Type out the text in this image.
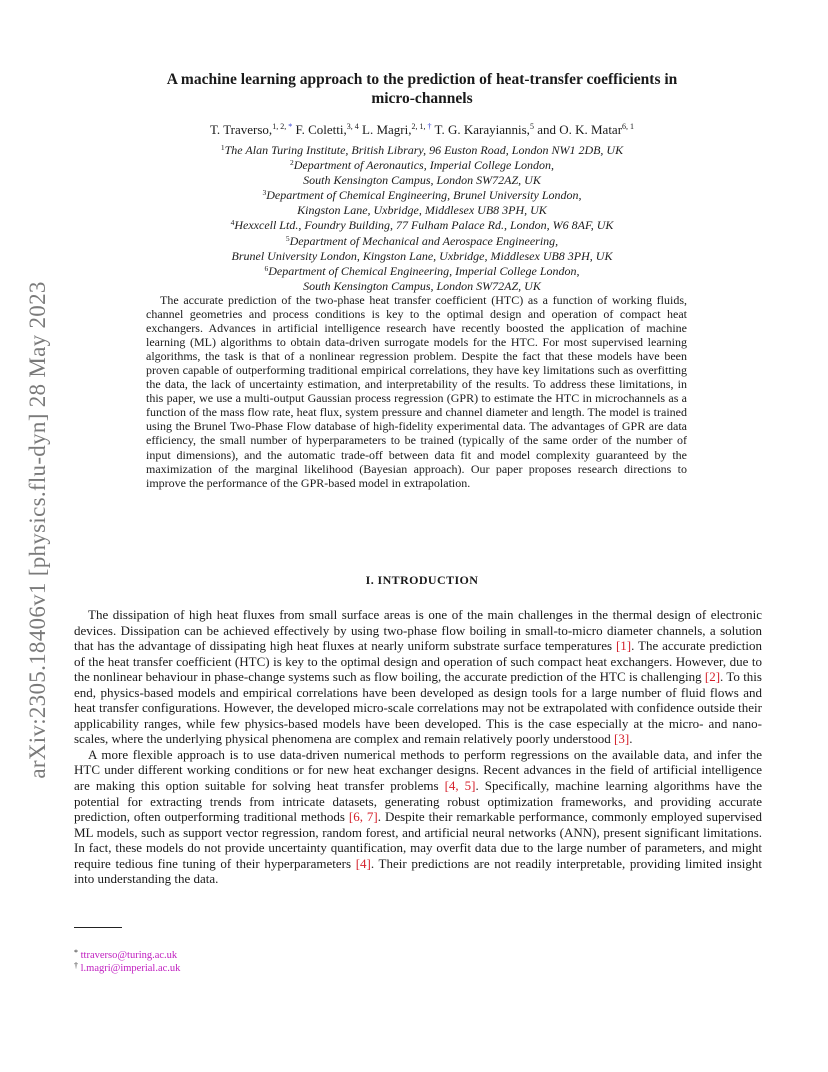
arXiv:2305.18406v1 [physics.flu-dyn] 28 May 2023
A machine learning approach to the prediction of heat-transfer coefficients in
micro-channels
T. Traverso,$^{1, 2, *}$ F. Coletti,$^{3, 4}$ L. Magri,$^{2, 1, \dagger}$ T. G. Karayiannis,$^5$ and O. K. Matar$^{6, 1}$
$^1$The Alan Turing Institute, British Library, 96 Euston Road, London NW1 2DB, UK
$^2$Department of Aeronautics, Imperial College London,
South Kensington Campus, London SW72AZ, UK
$^3$Department of Chemical Engineering, Brunel University London,
Kingston Lane, Uxbridge, Middlesex UB8 3PH, UK
$^4$Hexxcell Ltd., Foundry Building, 77 Fulham Palace Rd., London, W6 8AF, UK
$^5$Department of Mechanical and Aerospace Engineering,
Brunel University London, Kingston Lane, Uxbridge, Middlesex UB8 3PH, UK
$^6$Department of Chemical Engineering, Imperial College London,
South Kensington Campus, London SW72AZ, UK

The accurate prediction of the two-phase heat transfer coefficient (HTC) as a function of working fluids, channel geometries and process conditions is key to the optimal design and operation of compact heat exchangers. Advances in artificial intelligence research have recently boosted the application of machine learning (ML) algorithms to obtain data-driven surrogate models for the HTC. For most supervised learning algorithms, the task is that of a nonlinear regression problem. Despite the fact that these models have been proven capable of outperforming traditional empirical correlations, they have key limitations such as overfitting the data, the lack of uncertainty estimation, and interpretability of the results. To address these limitations, in this paper, we use a multi-output Gaussian process regression (GPR) to estimate the HTC in microchannels as a function of the mass flow rate, heat flux, system pressure and channel diameter and length. The model is trained using the Brunel Two-Phase Flow database of high-fidelity experimental data. The advantages of GPR are data efficiency, the small number of hyperparameters to be trained (typically of the same order of the number of input dimensions), and the automatic trade-off between data fit and model complexity guaranteed by the maximization of the marginal likelihood (Bayesian approach). Our paper proposes research directions to improve the performance of the GPR-based model in extrapolation.

I. INTRODUCTION

The dissipation of high heat fluxes from small surface areas is one of the main challenges in the thermal design of electronic devices. Dissipation can be achieved effectively by using two-phase flow boiling in small-to-micro diameter channels, a solution that has the advantage of dissipating high heat fluxes at nearly uniform substrate surface temperatures [1]. The accurate prediction of the heat transfer coefficient (HTC) is key to the optimal design and operation of such compact heat exchangers. However, due to the nonlinear behaviour in phase-change systems such as flow boiling, the accurate prediction of the HTC is challenging [2]. To this end, physics-based models and empirical correlations have been developed as design tools for a large number of fluid flows and heat transfer configurations. However, the developed micro-scale correlations may not be extrapolated with confidence outside their applicability ranges, while few physics-based models have been developed. This is the case especially at the micro- and nano-scales, where the underlying physical phenomena are complex and remain relatively poorly understood [3].

A more flexible approach is to use data-driven numerical methods to perform regressions on the available data, and infer the HTC under different working conditions or for new heat exchanger designs. Recent advances in the field of artificial intelligence are making this option suitable for solving heat transfer problems [4, 5]. Specifically, machine learning algorithms have the potential for extracting trends from intricate datasets, generating robust optimization frameworks, and providing accurate prediction, often outperforming traditional methods [6, 7]. Despite their remarkable performance, commonly employed supervised ML models, such as support vector regression, random forest, and artificial neural networks (ANN), present significant limitations. In fact, these models do not provide uncertainty quantification, may overfit data due to the large number of parameters, and might require tedious fine tuning of their hyperparameters [4]. Their predictions are not readily interpretable, providing limited insight into understanding the data.

* ttraverso@turing.ac.uk
† l.magri@imperial.ac.uk
